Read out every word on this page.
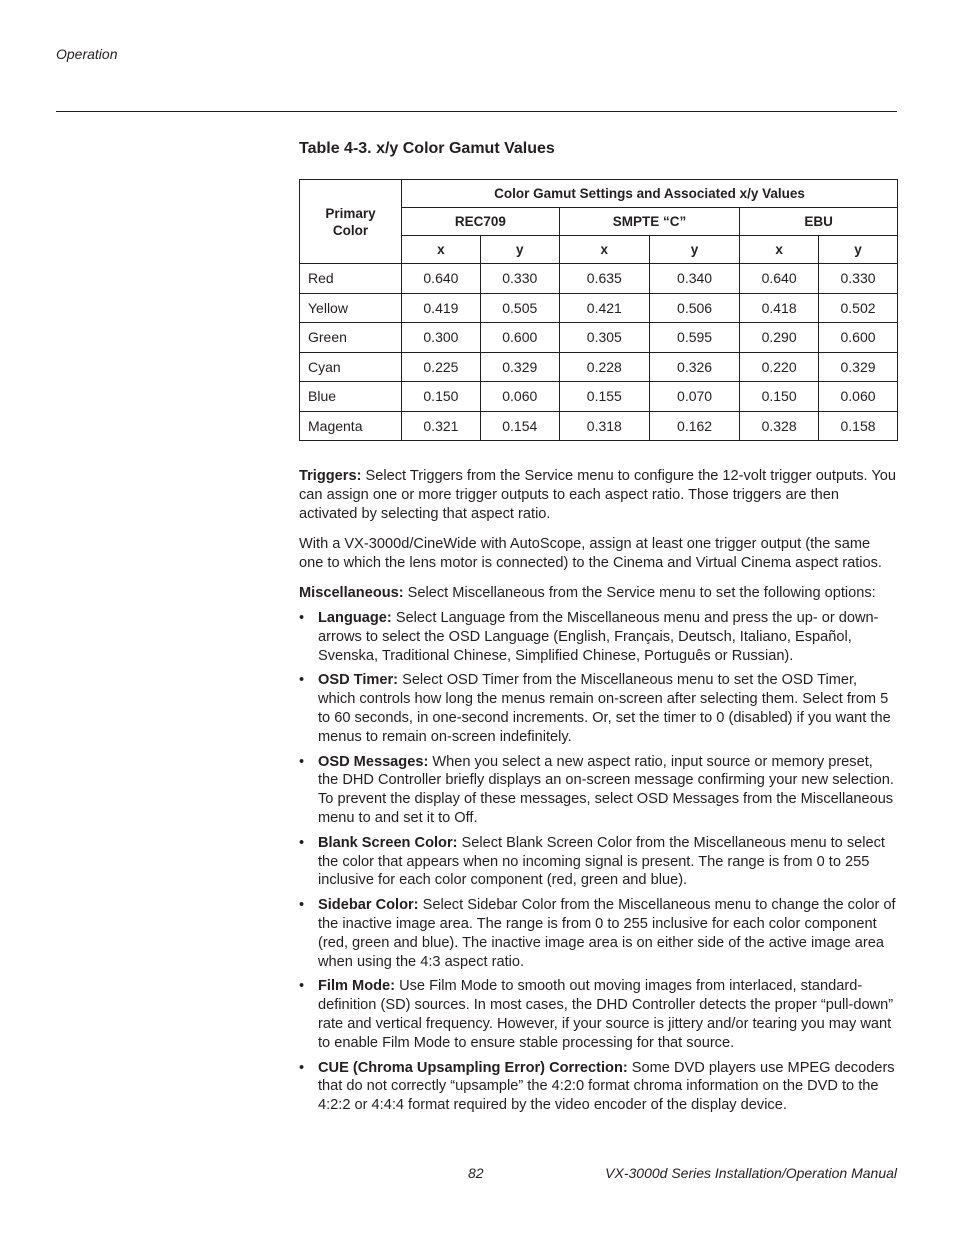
Operation
Table 4-3. x/y Color Gamut Values
Primary
Color	Color Gamut Settings and Associated x/y Values					
	REC709		SMPTE “C”		EBU	
	x	y	x	y	x	y
Red	0.640	0.330	0.635	0.340	0.640	0.330
Yellow	0.419	0.505	0.421	0.506	0.418	0.502
Green	0.300	0.600	0.305	0.595	0.290	0.600
Cyan	0.225	0.329	0.228	0.326	0.220	0.329
Blue	0.150	0.060	0.155	0.070	0.150	0.060
Magenta	0.321	0.154	0.318	0.162	0.328	0.158

Triggers: Select Triggers from the Service menu to configure the 12-volt trigger outputs. You can assign one or more trigger outputs to each aspect ratio. Those triggers are then activated by selecting that aspect ratio.

With a VX-3000d/CineWide with AutoScope, assign at least one trigger output (the same one to which the lens motor is connected) to the Cinema and Virtual Cinema aspect ratios.

Miscellaneous: Select Miscellaneous from the Service menu to set the following options:

• Language: Select Language from the Miscellaneous menu and press the up- or down-arrows to select the OSD Language (English, Français, Deutsch, Italiano, Español, Svenska, Traditional Chinese, Simplified Chinese, Português or Russian).
• OSD Timer: Select OSD Timer from the Miscellaneous menu to set the OSD Timer, which controls how long the menus remain on-screen after selecting them. Select from 5 to 60 seconds, in one-second increments. Or, set the timer to 0 (disabled) if you want the menus to remain on-screen indefinitely.
• OSD Messages: When you select a new aspect ratio, input source or memory preset, the DHD Controller briefly displays an on-screen message confirming your new selection. To prevent the display of these messages, select OSD Messages from the Miscellaneous menu to and set it to Off.
• Blank Screen Color: Select Blank Screen Color from the Miscellaneous menu to select the color that appears when no incoming signal is present. The range is from 0 to 255 inclusive for each color component (red, green and blue).
• Sidebar Color: Select Sidebar Color from the Miscellaneous menu to change the color of the inactive image area. The range is from 0 to 255 inclusive for each color component (red, green and blue). The inactive image area is on either side of the active image area when using the 4:3 aspect ratio.
• Film Mode: Use Film Mode to smooth out moving images from interlaced, standard-definition (SD) sources. In most cases, the DHD Controller detects the proper “pull-down” rate and vertical frequency. However, if your source is jittery and/or tearing you may want to enable Film Mode to ensure stable processing for that source.
• CUE (Chroma Upsampling Error) Correction: Some DVD players use MPEG decoders that do not correctly “upsample” the 4:2:0 format chroma information on the DVD to the 4:2:2 or 4:4:4 format required by the video encoder of the display device.
82	VX-3000d Series Installation/Operation Manual
